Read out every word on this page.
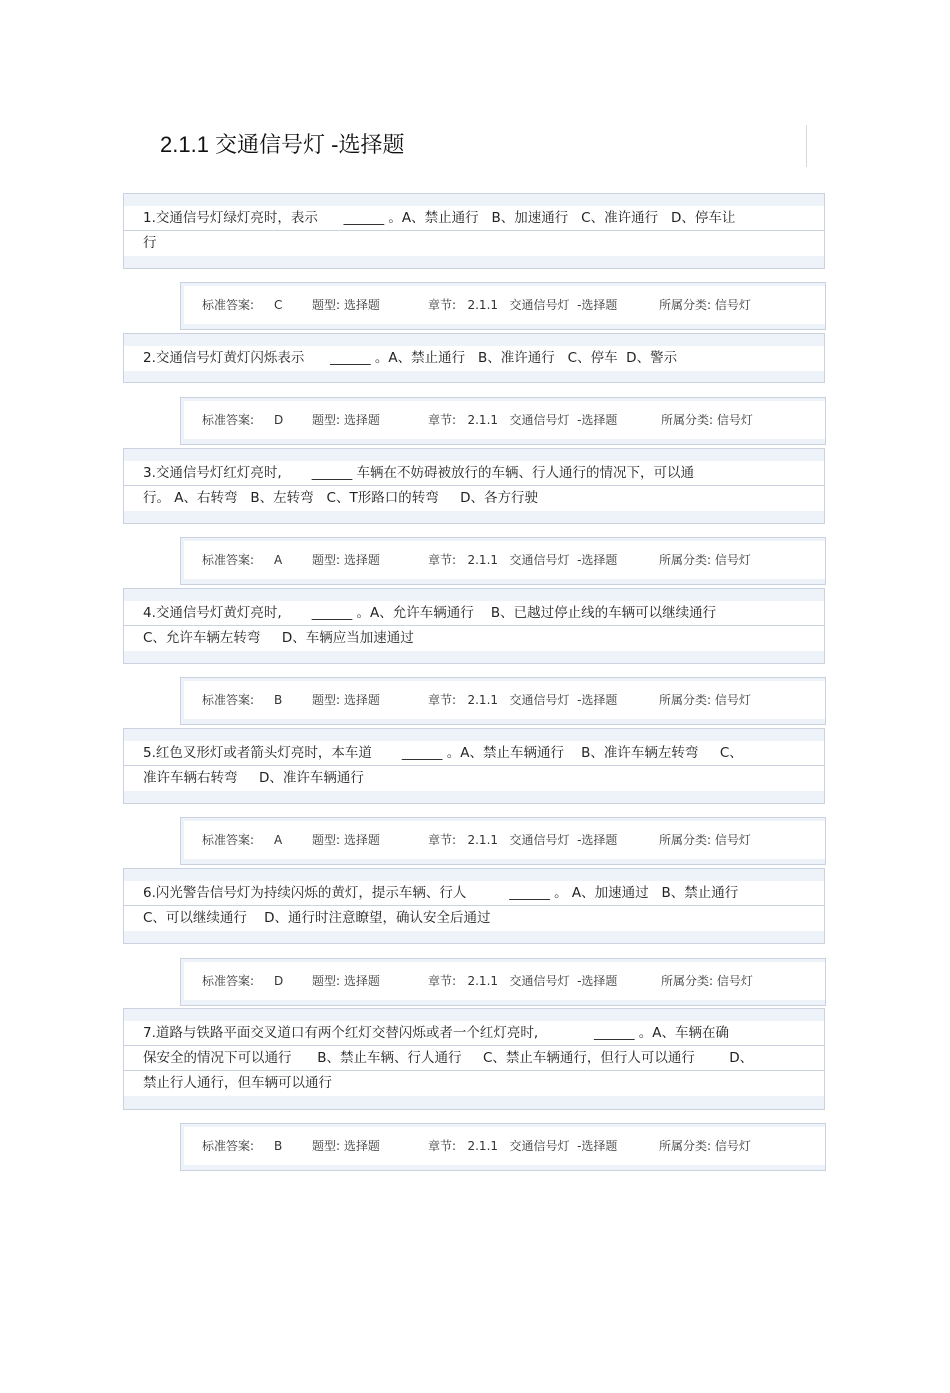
2.1.1 交通信号灯 -选择题
1.交通信号灯绿灯亮时，表示      ______ 。A、禁止通行   B、加速通行   C、准许通行   D、停车让
行

标准答案:

C

题型: 选择题

	章节:   2.1.1   交通信号灯  -选择题

	所属分类: 信号灯

2.交通信号灯黄灯闪烁表示      ______ 。A、禁止通行   B、准许通行   C、停车  D、警示

标准答案:

D

题型: 选择题

	章节:   2.1.1   交通信号灯  -选择题

	所属分类: 信号灯

3.交通信号灯红灯亮时,       ______ 车辆在不妨碍被放行的车辆、行人通行的情况下，可以通
行。 A、右转弯   B、左转弯   C、T形路口的转弯     D、各方行驶

标准答案:

A

题型: 选择题

	章节:   2.1.1   交通信号灯  -选择题

	所属分类: 信号灯

4.交通信号灯黄灯亮时,       ______ 。A、允许车辆通行    B、已越过停止线的车辆可以继续通行
C、允许车辆左转弯     D、车辆应当加速通过

标准答案:

B

题型: 选择题

	章节:   2.1.1   交通信号灯  -选择题

	所属分类: 信号灯

5.红色叉形灯或者箭头灯亮时，本车道       ______ 。A、禁止车辆通行    B、准许车辆左转弯     C、
准许车辆右转弯     D、准许车辆通行

标准答案:

A

题型: 选择题

	章节:   2.1.1   交通信号灯  -选择题

	所属分类: 信号灯

6.闪光警告信号灯为持续闪烁的黄灯，提示车辆、行人          ______ 。 A、加速通过   B、禁止通行
C、可以继续通行    D、通行时注意瞭望，确认安全后通过

标准答案:

D

题型: 选择题

	章节:   2.1.1   交通信号灯  -选择题

	所属分类: 信号灯

7.道路与铁路平面交叉道口有两个红灯交替闪烁或者一个红灯亮时,             ______ 。A、车辆在确
保安全的情况下可以通行      B、禁止车辆、行人通行     C、禁止车辆通行，但行人可以通行        D、
禁止行人通行，但车辆可以通行

标准答案:

B

题型: 选择题

	章节:   2.1.1   交通信号灯  -选择题

	所属分类: 信号灯
